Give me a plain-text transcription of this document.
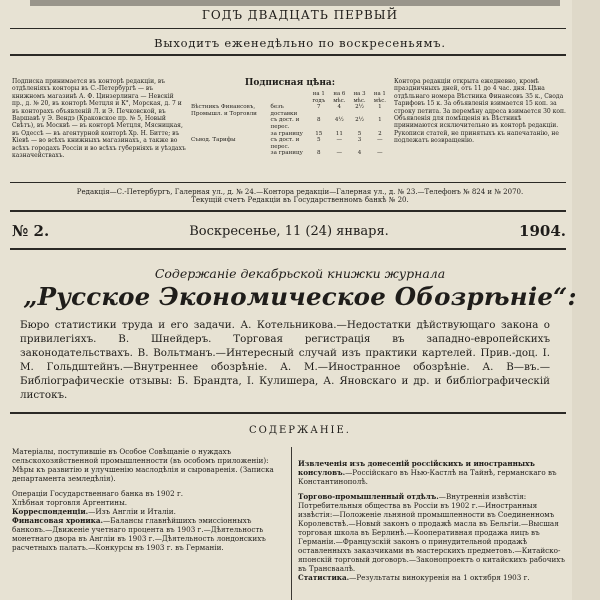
ГОДЪ ДВАДЦАТЬ ПЕРВЫЙ
Выходитъ еженедѣльно по воскресеньямъ.
Подписка принимается въ конторѣ редакціи, въ отдѣленіяхъ конторы въ С.-Петербургѣ — въ книжномъ магазинѣ А. Ф. Цинзерлинга — Невскій пр., д. № 20, въ конторѣ Метцля и К°, Морская, д. 7 и въ конторахъ объявленій Л. и Э. Печковской, въ Варшавѣ у Э. Вендэ (Краковское пр. № 5, Новый Свѣтъ), въ Москвѣ — въ конторѣ Метцля, Мясницкая, въ Одессѣ — въ агентурной конторѣ Хр. Н. Битте; въ Кіевѣ — во всѣхъ книжныхъ магазинахъ, а также во всѣхъ городахъ Россіи и во всѣхъ губерніяхъ и уѣздахъ казначействахъ.
Подписная цѣна:
		на 1 годъ	на 6 мѣс.	на 3 мѣс.	на 1 мѣс.
Вѣстникъ Финансовъ, Промышл. и Торговли	безъ доставки	7	4	2½	1
	съ дост. и перес.	8	4½	2½	1
	за границу	15	11	5	2
Съвод. Тарифы	съ дост. и перес.	5	—	3	—
	за границу	8	—	4	—
Контора редакціи открыта ежедневно, кромѣ праздничныхъ дней, отъ 11 до 4 час. дня. Цѣна отдѣльнаго номера Вѣстника Финансовъ 35 к., Свода Тарифовъ 15 к. За объявленія взимается 15 коп. за строку петита. За перемѣну адреса взимается 30 коп. Объявленія для помѣщенія въ Вѣстникѣ принимаются исключительно въ конторѣ редакціи. Рукописи статей, не принятыхъ къ напечатанію, не подлежатъ возвращенію.
Редакція—С.-Петербургъ, Галерная ул., д. № 24.—Контора редакціи—Галерная ул., д. № 23.—Телефонъ № 824 и № 2070.
Текущій счетъ Редакціи въ Государственномъ банкѣ № 20.
№ 2.	Воскресенье, 11 (24) января.	1904.
Содержаніе декабрьской книжки журнала
„Русское Экономическое Обозрѣніе“:
Бюро статистики труда и его задачи. А. Котельникова.—Недостатки дѣйствующаго закона о привилегіяхъ. В. Шнейдеръ. Торговая регистрація въ западно-европейскихъ законодательствахъ. В. Вольтманъ.—Интересный случай изъ практики картелей. Прив.-доц. І. М. Гольдштейнъ.—Внутреннее обозрѣніе. А. М.—Иностранное обозрѣніе. А. В—въ.—Библіографическіе отзывы: Б. Брандта, І. Кулишера, А. Яновскаго и др. и библіографическій листокъ.
СОДЕРЖАНІЕ.
Матеріалы, поступившіе въ Особое Совѣщаніе о нуждахъ сельскохозяйственной промышленности (въ особомъ приложеніи): Мѣры къ развитію и улучшенію маслодѣлія и сыроваренія. (Записка департамента земледѣлія).
Операціи Государственнаго банка въ 1902 г.
Хлѣбная торговля Аргентины.
Корреспонденціи.—Изъ Англіи и Италіи.
Финансовая хроника.—Балансы главнѣйшихъ эмиссіонныхъ банковъ.—Движеніе учетнаго процента въ 1903 г.—Дѣятельность монетнаго двора въ Англіи въ 1903 г.—Дѣятельность лондонскихъ расчетныхъ палатъ.—Конкурсы въ 1903 г. въ Германіи.
Извлеченія изъ донесеній россійскихъ и иностранныхъ консуловъ.—Россійскаго въ Нью-Кастлѣ на Тайнѣ, германскаго въ Константинополѣ.
Торгово-промышленный отдѣлъ.—Внутреннія извѣстія: Потребительныя общества въ Россіи въ 1902 г.—Иностранныя извѣстія:—Положеніе льняной промышленности въ Соединенномъ Королевствѣ.—Новый законъ о продажѣ масла въ Бельгіи.—Высшая торговая школа въ Берлинѣ.—Кооперативная продажа яицъ въ Германіи.—Французскій законъ о принудительной продажѣ оставленныхъ заказчиками въ мастерскихъ предметовъ.—Китайско-японскій торговый договоръ.—Законопроектъ о китайскихъ рабочихъ въ Трансваалѣ.
Статистика.—Результаты винокуренія на 1 октября 1903 г.
